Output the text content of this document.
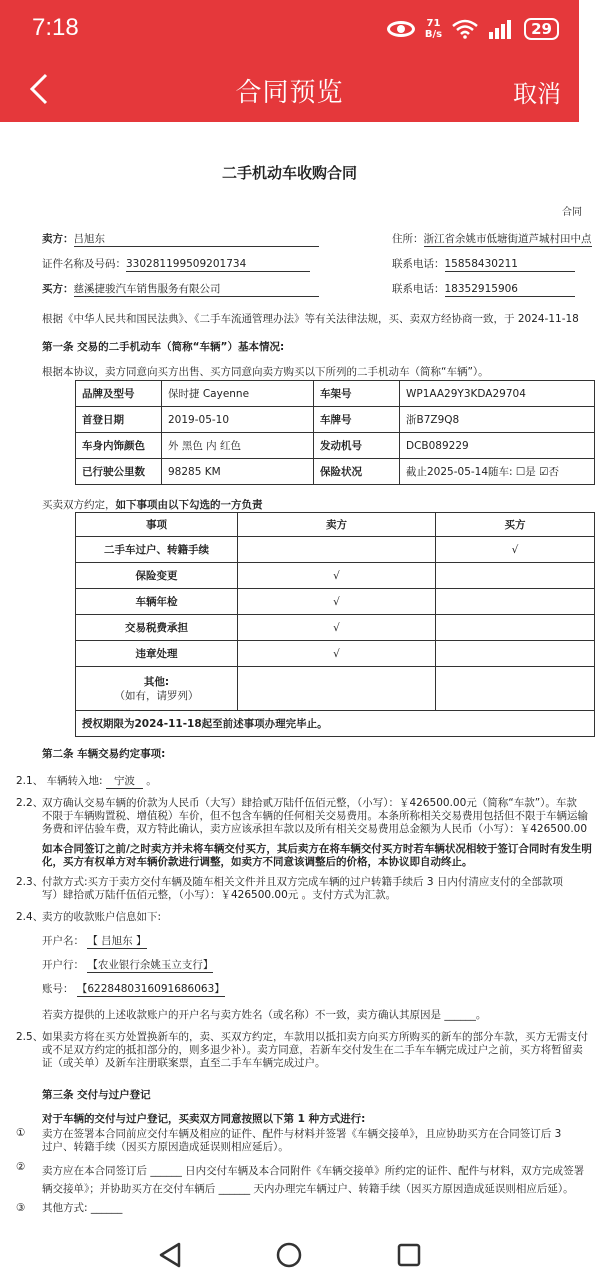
7:18	71
B/s	29
合同预览	取消
二手机动车收购合同
合同
卖方：吕旭东	住所：浙江省余姚市低塘街道芦城村田中点
证件名称及号码：330281199509201734	联系电话：15858430211
买方：慈溪捷骏汽车销售服务有限公司	联系电话：18352915906
根据《中华人民共和国民法典》、《二手车流通管理办法》等有关法律法规，买、卖双方经协商一致，于 2024-11-18
第一条 交易的二手机动车（简称“车辆”）基本情况:
根据本协议，卖方同意向买方出售、买方同意向卖方购买以下所列的二手机动车（简称“车辆”）。
品牌及型号	保时捷 Cayenne	车架号	WP1AA29Y3KDA29704
首登日期	2019-05-10	车牌号	浙B7Z9Q8
车身内饰颜色	外 黑色 内 红色	发动机号	DCB089229
已行驶公里数	98285 KM	保险状况	截止2025-05-14随车: ☐是 ☑否
买卖双方约定，如下事项由以下勾选的一方负责
事项	卖方	买方
二手车过户、转籍手续		√
保险变更	√	
车辆年检	√	
交易税费承担	√	
违章处理	√	

其他:
（如有，请罗列）		

授权期限为2024-11-18起至前述事项办理完毕止。		
第二条 车辆交易约定事项:
2.1、 车辆转入地: 宁波 。
2.2、
双方确认交易车辆的价款为人民币（大写）肆拾贰万陆仟伍佰元整，（小写）：￥426500.00元（简称“车款”）。车款
不限于车辆购置税、增值税）车价，但不包含车辆的任何相关交易费用。本条所称相关交易费用包括但不限于车辆运输
务费和评估验车费，双方特此确认，卖方应该承担车款以及所有相关交易费用总金额为人民币（小写）：￥426500.00
如本合同签订之前/之时卖方并未将车辆交付买方，其后卖方在将车辆交付买方时若车辆状况相较于签订合同时有发生明
化，买方有权单方对车辆价款进行调整，如卖方不同意该调整后的价格，本协议即自动终止。
2.3、
付款方式:买方于卖方交付车辆及随车相关文件并且双方完成车辆的过户转籍手续后 3 日内付清应支付的全部款项
写）肆拾贰万陆仟伍佰元整，（小写）：￥426500.00元 。支付方式为汇款。
2.4、
卖方的收款账户信息如下:
开户名： 【 吕旭东 】
开户行： 【农业银行余姚玉立支行】
账号： 【6228480316091686063】
若卖方提供的上述收款账户的开户名与卖方姓名（或名称）不一致，卖方确认其原因是 ______。
2.5、
如果卖方将在买方处置换新车的，卖、买双方约定，车款用以抵扣卖方向买方所购买的新车的部分车款，买方无需支付
或不足双方约定的抵扣部分的，则多退少补）。卖方同意，若新车交付发生在二手车车辆完成过户之前，买方将暂留卖
证（或关单）及新车注册联案票，直至二手车车辆完成过户。
第三条 交付与过户登记
对于车辆的交付与过户登记，买卖双方同意按照以下第 1 种方式进行:
① 卖方在签署本合同前应交付车辆及相应的证件、配件与材料并签署《车辆交接单》，且应协助买方在合同签订后 3
过户、转籍手续（因买方原因造成延误则相应延后）。
② 卖方应在本合同签订后 ______ 日内交付车辆及本合同附件《车辆交接单》所约定的证件、配件与材料，双方完成签署
辆交接单》；并协助买方在交付车辆后 ______ 天内办理完车辆过户、转籍手续（因买方原因造成延误则相应后延）。
③ 其他方式: ______
